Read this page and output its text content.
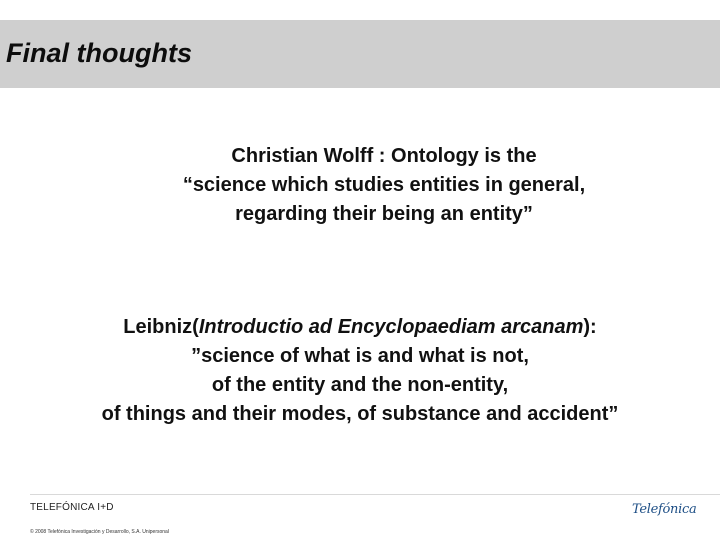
Final thoughts
Christian Wolff : Ontology is the
“science which studies entities in general,
regarding their being an entity”
Leibniz(Introductio ad Encyclopaediam arcanam):
”science of what is and what is not,
of the entity and the non-entity,
of things and their modes, of substance and accident”
TELEFÓNICA I+D
© 2008 Telefónica Investigación y Desarrollo, S.A. Unipersonal
Telefónica
